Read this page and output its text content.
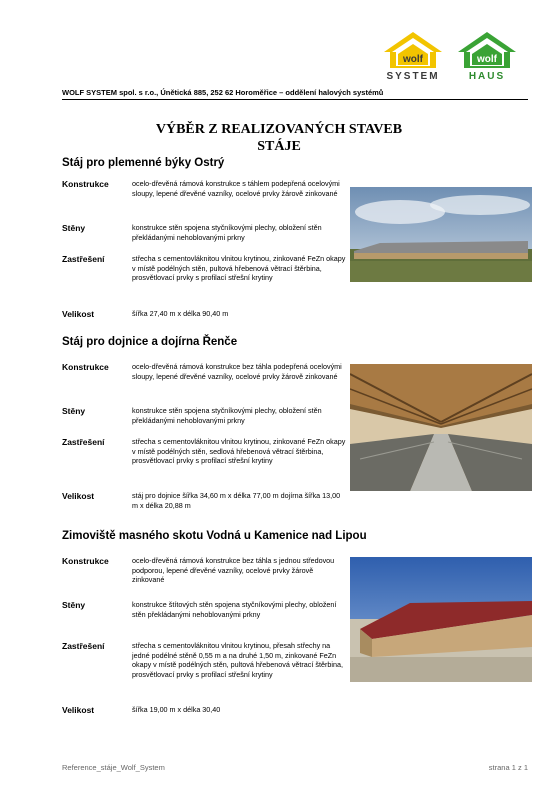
wolf
SYSTEM
wolf
HAUS
WOLF SYSTEM spol. s r.o., Únětická 885, 252 62 Horoměřice – oddělení halových systémů
VÝBĚR Z REALIZOVANÝCH STAVEB
STÁJE
Stáj pro plemenné býky Ostrý
Konstrukce	ocelo-dřevěná rámová konstrukce s táhlem podepřená ocelovými sloupy, lepené dřevěné vazníky, ocelové prvky žárově zinkované
Stěny	konstrukce stěn spojena styčníkovými plechy, obložení stěn překládanými nehoblovanými prkny
Zastřešení	střecha s cementovláknitou vlnitou krytinou, zinkované FeZn okapy v místě podélných stěn, pultová hřebenová větrací štěrbina, prosvětlovací prvky s profilací střešní krytiny
Velikost	šířka 27,40 m x délka 90,40 m
Stáj pro dojnice a dojírna Řenče
Konstrukce	ocelo-dřevěná rámová konstrukce bez táhla podepřená ocelovými sloupy, lepené dřevěné vazníky, ocelové prvky žárově zinkované
Stěny	konstrukce stěn spojena styčníkovými plechy, obložení stěn překládanými nehoblovanými prkny
Zastřešení	střecha s cementovláknitou vlnitou krytinou, zinkované FeZn okapy v místě podélných stěn, sedlová hřebenová větrací štěrbina, prosvětlovací prvky s profilací střešní krytiny
Velikost	stáj pro dojnice šířka 34,60 m x délka 77,00 m dojírna šířka 13,00 m x délka 20,88 m
Zimoviště masného skotu Vodná u Kamenice nad Lipou
Konstrukce	ocelo-dřevěná rámová konstrukce bez táhla s jednou středovou podporou, lepené dřevěné vazníky, ocelové prvky žárově zinkované
Stěny	konstrukce štítových stěn spojena styčníkovými plechy, obložení stěn překládanými nehoblovanými prkny
Zastřešení	střecha s cementovláknitou vlnitou krytinou, přesah střechy na jedné podélné stěně 0,55 m a na druhé 1,50 m, zinkované FeZn okapy v místě podélných stěn, pultová hřebenová větrací štěrbina, prosvětlovací prvky s profilací střešní krytiny
Velikost	šířka 19,00 m x délka 30,40
Reference_stáje_Wolf_System	strana 1 z 1
